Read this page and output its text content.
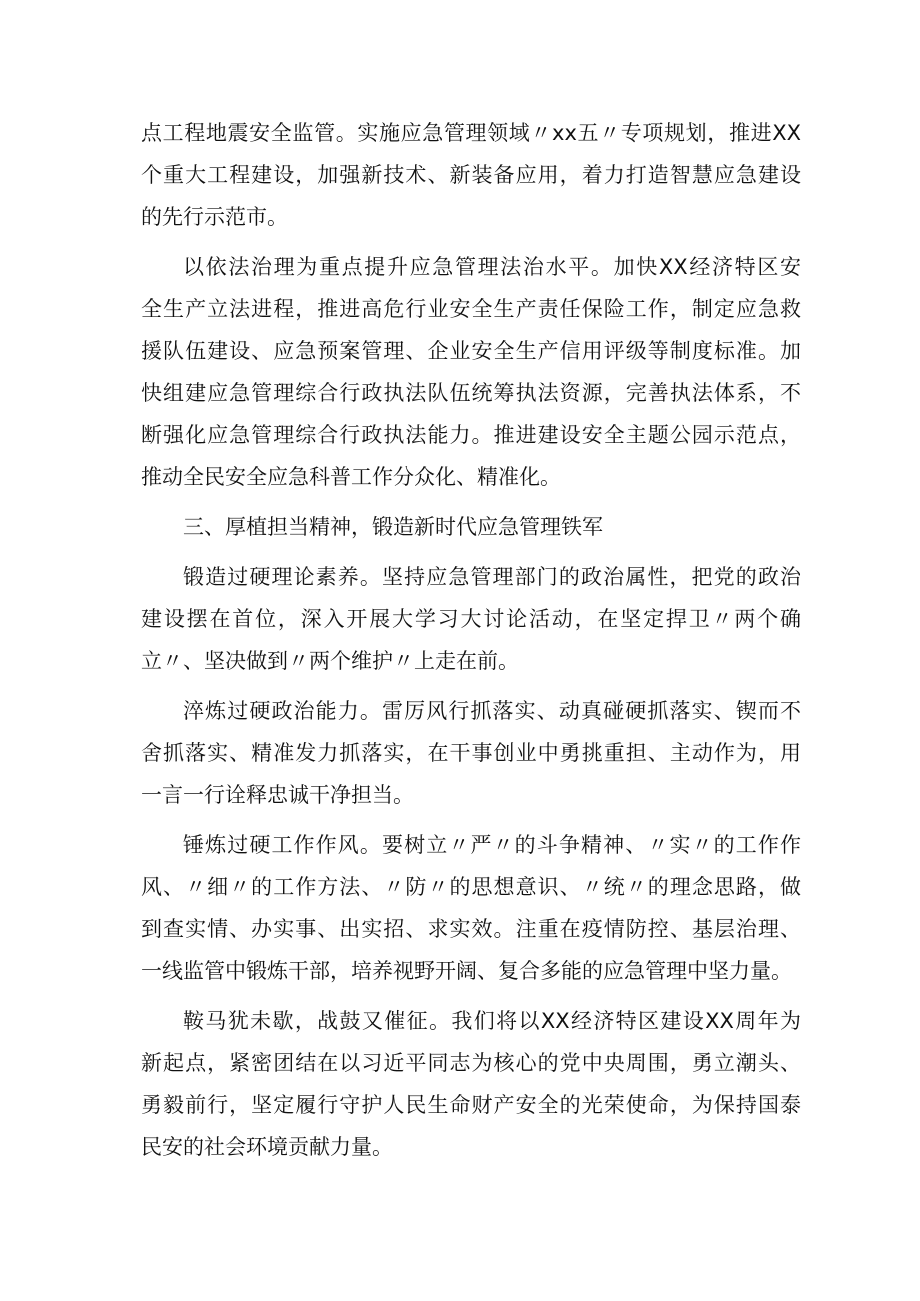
点工程地震安全监管。实施应急管理领域〃xx五〃专项规划，推进XX
个重大工程建设，加强新技术、新装备应用，着力打造智慧应急建设
的先行示范市。
以依法治理为重点提升应急管理法治水平。加快XX经济特区安
全生产立法进程，推进高危行业安全生产责任保险工作，制定应急救
援队伍建设、应急预案管理、企业安全生产信用评级等制度标准。加
快组建应急管理综合行政执法队伍统筹执法资源，完善执法体系，不
断强化应急管理综合行政执法能力。推进建设安全主题公园示范点，
推动全民安全应急科普工作分众化、精准化。
三、厚植担当精神，锻造新时代应急管理铁军
锻造过硬理论素养。坚持应急管理部门的政治属性，把党的政治
建设摆在首位，深入开展大学习大讨论活动，在坚定捍卫〃两个确
立〃、坚决做到〃两个维护〃上走在前。
淬炼过硬政治能力。雷厉风行抓落实、动真碰硬抓落实、锲而不
舍抓落实、精准发力抓落实，在干事创业中勇挑重担、主动作为，用
一言一行诠释忠诚干净担当。
锤炼过硬工作作风。要树立〃严〃的斗争精神、〃实〃的工作作
风、〃细〃的工作方法、〃防〃的思想意识、〃统〃的理念思路，做
到查实情、办实事、出实招、求实效。注重在疫情防控、基层治理、
一线监管中锻炼干部，培养视野开阔、复合多能的应急管理中坚力量。
鞍马犹未歇，战鼓又催征。我们将以XX经济特区建设XX周年为
新起点，紧密团结在以习近平同志为核心的党中央周围，勇立潮头、
勇毅前行，坚定履行守护人民生命财产安全的光荣使命，为保持国泰
民安的社会环境贡献力量。
